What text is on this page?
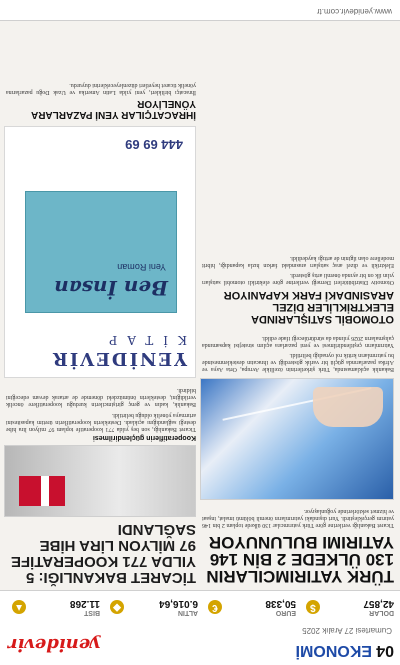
04
EKONOMİ
Cumartesi 27 Aralık 2025
yenidevir
DOLAR
42,857
$
EURO
50,338
€
ALTIN
6.016,64
◆
BIST
11.268
▲
TÜRK YATIRIMCILARIN 130 ÜLKEDE 2 BİN 146 YATIRIMI BULUNUYOR

Ticaret Bakanlığı verilerine göre Türk yatırımcılar 130 ülkede toplam 2 bin 146 yatırım gerçekleştirdi. Yurt dışındaki yatırımların önemli bölümü imalat, inşaat ve hizmet sektörlerinde yoğunlaşıyor.

Bakanlık açıklamasında, Türk şirketlerinin özellikle Avrupa, Orta Asya ve Afrika pazarlarında güçlü bir varlık gösterdiği ve ihracatın desteklenmesinde bu yatırımların kritik rol oynadığı belirtildi.

Yatırımların çeşitlendirilmesi ve yeni pazarlara açılım stratejisi kapsamında çalışmaların 2026 yılında da sürdürüleceği ifade edildi.

OTOMOBİL SATIŞLARINDA ELEKTRİKLİLER DİZEL ARASINDAKİ FARK KAPANIYOR

Otomotiv Distribütörleri Derneği verilerine göre elektrikli otomobil satışları yılın ilk on bir ayında önemli artış gösterdi.

Elektrikli ve dizel araç satışları arasındaki farkın hızla kapandığı, hibrit modellere olan ilginin de arttığı kaydedildi.

TİCARET BAKANLIĞI: 5 YILDA 771 KOOPERATİFE 97 MİLYON LİRA HİBE SAĞLANDI
Kooperatiflerin güçlendirilmesi

Ticaret Bakanlığı, son beş yılda 771 kooperatife toplam 97 milyon lira hibe desteği sağlandığını açıkladı. Desteklerin kooperatiflerin üretim kapasitesini artırmaya yönelik olduğu belirtildi.

Bakanlık, kadın ve genç girişimcilerin kurduğu kooperatiflere öncelik verildiğini, desteklerin önümüzdeki dönemde de artarak devam edeceğini bildirdi.

YENİDEVİR
KİTAP
Ben İnsan
Yeni Roman
444 69 69
İHRACATÇILAR YENİ PAZARLARA YÖNELİYOR

İhracatçı birlikleri, yeni yılda Latin Amerika ve Uzak Doğu pazarlarına yönelik ticaret heyetleri düzenleyeceklerini duyurdu.

www.yenidevir.com.tr
